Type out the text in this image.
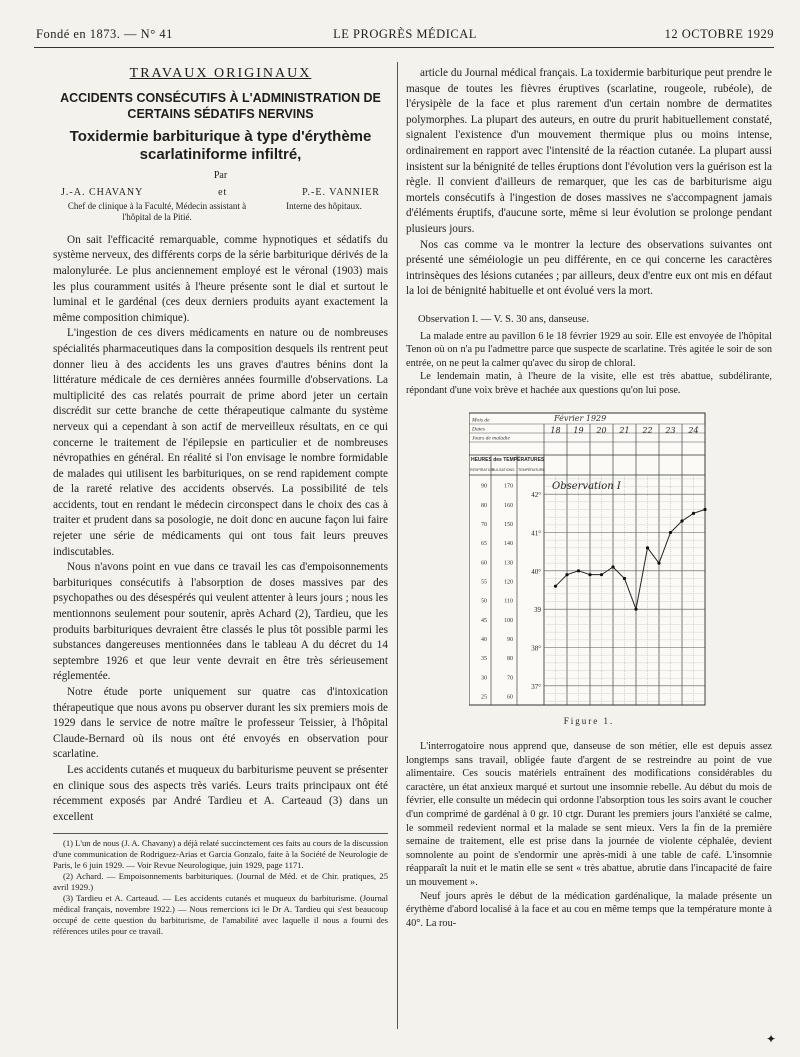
Fondé en 1873. — N° 41	LE PROGRÈS MÉDICAL	12 OCTOBRE 1929
TRAVAUX ORIGINAUX
ACCIDENTS CONSÉCUTIFS À L'ADMINISTRATION DE CERTAINS SÉDATIFS NERVINS
Toxidermie barbiturique à type d'érythème scarlatiniforme infiltré,
Par
J.-A. CHAVANY	et	P.-E. VANNIER
Chef de clinique à la Faculté, Médecin assistant à l'hôpital de la Pitié.
Interne des hôpitaux.

On sait l'efficacité remarquable, comme hypnotiques et sédatifs du système nerveux, des différents corps de la série barbiturique dérivés de la malonylurée. Le plus anciennement employé est le véronal (1903) mais les plus couramment usités à l'heure présente sont le dial et surtout le luminal et le gardénal (ces deux derniers produits ayant exactement la même composition chimique).

L'ingestion de ces divers médicaments en nature ou de nombreuses spécialités pharmaceutiques dans la composition desquels ils rentrent peut donner lieu à des accidents les uns graves d'autres bénins dont la littérature médicale de ces dernières années fourmille d'observations. La multiplicité des cas relatés pourrait de prime abord jeter un certain discrédit sur cette branche de cette thérapeutique calmante du système nerveux qui a cependant à son actif de merveilleux résultats, en ce qui concerne le traitement de l'épilepsie en particulier et de nombreuses névropathies en général. En réalité si l'on envisage le nombre formidable de malades qui utilisent les barbituriques, on se rend rapidement compte de la rareté relative des accidents observés. La possibilité de tels accidents, tout en rendant le médecin circonspect dans le choix des cas à traiter et prudent dans sa posologie, ne doit donc en aucune façon lui faire rejeter une série de médicaments qui ont tous fait leurs preuves indiscutables.

Nous n'avons point en vue dans ce travail les cas d'empoisonnements barbituriques consécutifs à l'absorption de doses massives par des psychopathes ou des désespérés qui veulent attenter à leurs jours ; nous les mentionnons seulement pour soutenir, après Achard (2), Tardieu, que les produits barbituriques devraient être classés le plus tôt possible parmi les substances dangereuses mentionnées dans le tableau A du décret du 14 septembre 1926 et que leur vente devrait en être très sérieusement réglementée.

Notre étude porte uniquement sur quatre cas d'intoxication thérapeutique que nous avons pu observer durant les six premiers mois de 1929 dans le service de notre maître le professeur Teissier, à l'hôpital Claude-Bernard où ils nous ont été envoyés en observation pour scarlatine.

Les accidents cutanés et muqueux du barbiturisme peuvent se présenter en clinique sous des aspects très variés. Leurs traits principaux ont été récemment exposés par André Tardieu et A. Carteaud (3) dans un excellent

(1) L'un de nous (J. A. Chavany) a déjà relaté succinctement ces faits au cours de la discussion d'une communication de Rodriguez-Arias et Garcia Gonzalo, faite à la Société de Neurologie de Paris, le 6 juin 1929. — Voir Revue Neurologique, juin 1929, page 1171.

(2) Achard. — Empoisonnements barbituriques. (Journal de Méd. et de Chir. pratiques, 25 avril 1929.)

(3) Tardieu et A. Carteaud. — Les accidents cutanés et muqueux du barbiturisme. (Journal médical français, novembre 1922.) — Nous remercions ici le Dr A. Tardieu qui s'est beaucoup occupé de cette question du barbiturisme, de l'amabilité avec laquelle il nous a fourni des références utiles pour ce travail.

article du Journal médical français. La toxidermie barbiturique peut prendre le masque de toutes les fièvres éruptives (scarlatine, rougeole, rubéole), de l'érysipèle de la face et plus rarement d'un certain nombre de dermatites polymorphes. La plupart des auteurs, en outre du prurit habituellement constaté, signalent l'existence d'un mouvement thermique plus ou moins intense, ordinairement en rapport avec l'intensité de la réaction cutanée. La plupart aussi insistent sur la bénignité de telles éruptions dont l'évolution vers la guérison est la règle. Il convient d'ailleurs de remarquer, que les cas de barbiturisme aigu mortels consécutifs à l'ingestion de doses massives ne s'accompagnent jamais d'éléments éruptifs, d'aucune sorte, même si leur évolution se prolonge pendant plusieurs jours.

Nos cas comme va le montrer la lecture des observations suivantes ont présenté une séméiologie un peu différente, en ce qui concerne les caractères intrinsèques des lésions cutanées ; par ailleurs, deux d'entre eux ont mis en défaut la loi de bénignité habituelle et ont évolué vers la mort.

Observation I. — V. S. 30 ans, danseuse.

La malade entre au pavillon 6 le 18 février 1929 au soir. Elle est envoyée de l'hôpital Tenon où on n'a pu l'admettre parce que suspecte de scarlatine. Très agitée le soir de son entrée, on ne peut la calmer qu'avec du sirop de chloral.

Le lendemain matin, à l'heure de la visite, elle est très abattue, subdélirante, répondant d'une voix brève et hachée aux questions qu'on lui pose.

Mois de
Dates
Jours de maladie
Février 1929
18 19 20 21 22 23 24
HEURES des TEMPÉRATURES
RESPIRATION
PULSATIONS TEMPÉRATURE
42°
41°
40°
39
38°
37°
170
90
160
80
150
70
140
65
130
60
120
55
110
50
100
45
90
40
80
35
70
30
60
25
Observation I
Figure 1.

L'interrogatoire nous apprend que, danseuse de son métier, elle est depuis assez longtemps sans travail, obligée faute d'argent de se restreindre au point de vue alimentaire. Ces soucis matériels entraînent des modifications considérables du caractère, un état anxieux marqué et surtout une insomnie rebelle. Au début du mois de février, elle consulte un médecin qui ordonne l'absorption tous les soirs avant le coucher d'un comprimé de gardénal à 0 gr. 10 ctgr. Durant les premiers jours l'anxiété se calme, le sommeil redevient normal et la malade se sent mieux. Vers la fin de la première semaine de traitement, elle est prise dans la journée de violente céphalée, devient somnolente au point de s'endormir une après-midi à une table de café. L'insomnie réapparaît la nuit et le matin elle se sent « très abattue, abrutie dans l'incapacité de faire un mouvement ».

Neuf jours après le début de la médication gardénalique, la malade présente un érythème d'abord localisé à la face et au cou en même temps que la température monte à 40°. La rou-

✦
